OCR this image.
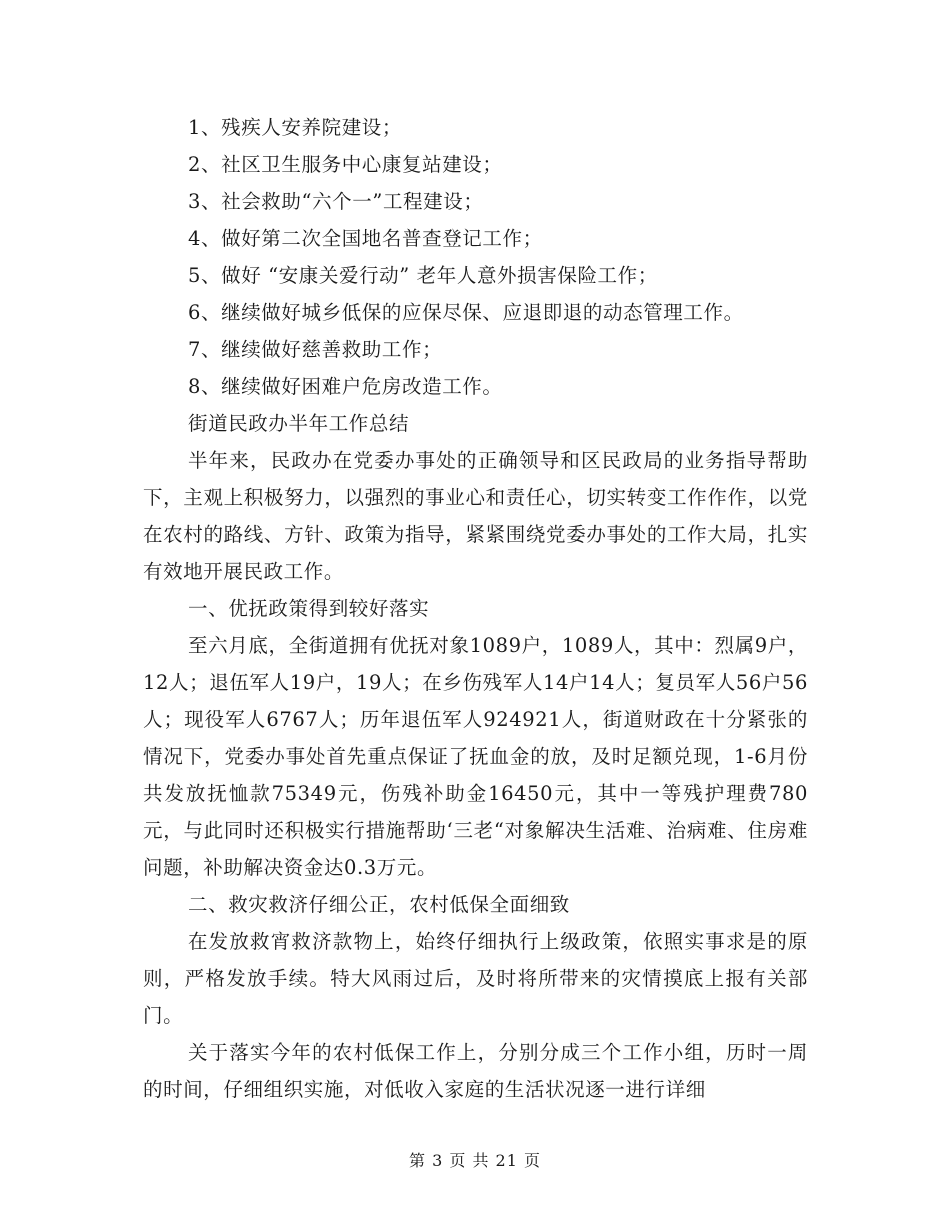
1、残疾人安养院建设；
2、社区卫生服务中心康复站建设；
3、社会救助“六个一”工程建设；
4、做好第二次全国地名普查登记工作；
5、做好 “安康关爱行动” 老年人意外损害保险工作；
6、继续做好城乡低保的应保尽保、应退即退的动态管理工作。
7、继续做好慈善救助工作；
8、继续做好困难户危房改造工作。
街道民政办半年工作总结
半年来，民政办在党委办事处的正确领导和区民政局的业务指导帮助下，主观上积极努力，以强烈的事业心和责任心，切实转变工作作作，以党在农村的路线、方针、政策为指导，紧紧围绕党委办事处的工作大局，扎实有效地开展民政工作。
一、优抚政策得到较好落实
至六月底，全街道拥有优抚对象1089户，1089人，其中：烈属9户，12人；退伍军人19户，19人；在乡伤残军人14户14人；复员军人56户56人；现役军人6767人；历年退伍军人924921人，街道财政在十分紧张的情况下，党委办事处首先重点保证了抚血金的放，及时足额兑现，1-6月份共发放抚恤款75349元，伤残补助金16450元，其中一等残护理费780元，与此同时还积极实行措施帮助‘三老“对象解决生活难、治病难、住房难问题，补助解决资金达0.3万元。
二、救灾救济仔细公正，农村低保全面细致
在发放救宵救济款物上，始终仔细执行上级政策，依照实事求是的原则，严格发放手续。特大风雨过后，及时将所带来的灾情摸底上报有关部门。
关于落实今年的农村低保工作上，分别分成三个工作小组，历时一周的时间，仔细组织实施，对低收入家庭的生活状况逐一进行详细
第 3 页 共 21 页
